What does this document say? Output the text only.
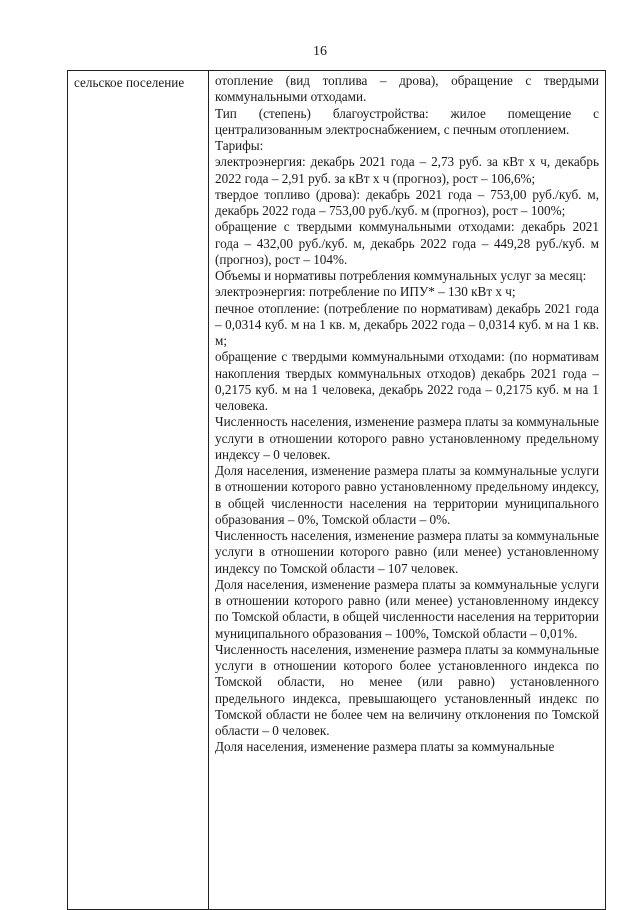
16
сельское поселение	отопление (вид топлива – дрова), обращение с твердыми коммунальными отходами.

Тип (степень) благоустройства: жилое помещение с централизованным электроснабжением, с печным отоплением.

Тарифы:

электроэнергия: декабрь 2021 года – 2,73 руб. за кВт х ч, декабрь 2022 года – 2,91 руб. за кВт х ч (прогноз), рост – 106,6%;

твердое топливо (дрова): декабрь 2021 года – 753,00 руб./куб. м, декабрь 2022 года – 753,00 руб./куб. м (прогноз), рост – 100%;

обращение с твердыми коммунальными отходами: декабрь 2021 года – 432,00 руб./куб. м, декабрь 2022 года – 449,28 руб./куб. м (прогноз), рост – 104%.

Объемы и нормативы потребления коммунальных услуг за месяц:

электроэнергия: потребление по ИПУ* – 130 кВт х ч;

печное отопление: (потребление по нормативам) декабрь 2021 года – 0,0314 куб. м на 1 кв. м, декабрь 2022 года – 0,0314 куб. м на 1 кв. м;

обращение с твердыми коммунальными отходами: (по нормативам накопления твердых коммунальных отходов) декабрь 2021 года – 0,2175 куб. м на 1 человека, декабрь 2022 года – 0,2175 куб. м на 1 человека.

Численность населения, изменение размера платы за коммунальные услуги в отношении которого равно установленному предельному индексу – 0 человек.

Доля населения, изменение размера платы за коммунальные услуги в отношении которого равно установленному предельному индексу, в общей численности населения на территории муниципального образования – 0%, Томской области – 0%.

Численность населения, изменение размера платы за коммунальные услуги в отношении которого равно (или менее) установленному индексу по Томской области – 107 человек.

Доля населения, изменение размера платы за коммунальные услуги в отношении которого равно (или менее) установленному индексу по Томской области, в общей численности населения на территории муниципального образования – 100%, Томской области – 0,01%.

Численность населения, изменение размера платы за коммунальные услуги в отношении которого более установленного индекса по Томской области, но менее (или равно) установленного предельного индекса, превышающего установленный индекс по Томской области не более чем на величину отклонения по Томской области – 0 человек.

Доля населения, изменение размера платы за коммунальные
